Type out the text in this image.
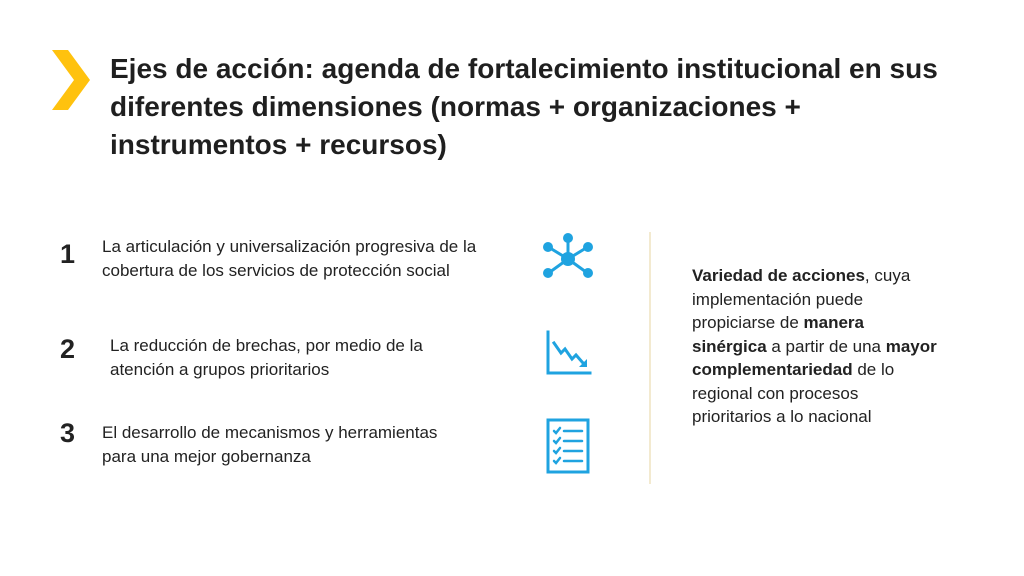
Ejes de acción: agenda de fortalecimiento institucional en sus diferentes dimensiones (normas + organizaciones + instrumentos + recursos)
1 La articulación y universalización progresiva de la
cobertura de los servicios de protección social
2 La reducción de brechas, por medio de la
atención a grupos prioritarios
3 El desarrollo de mecanismos y herramientas
para una mejor gobernanza
Variedad de acciones, cuya implementación puede propiciarse de manera sinérgica a partir de una mayor complementariedad de lo regional con procesos prioritarios a lo nacional
